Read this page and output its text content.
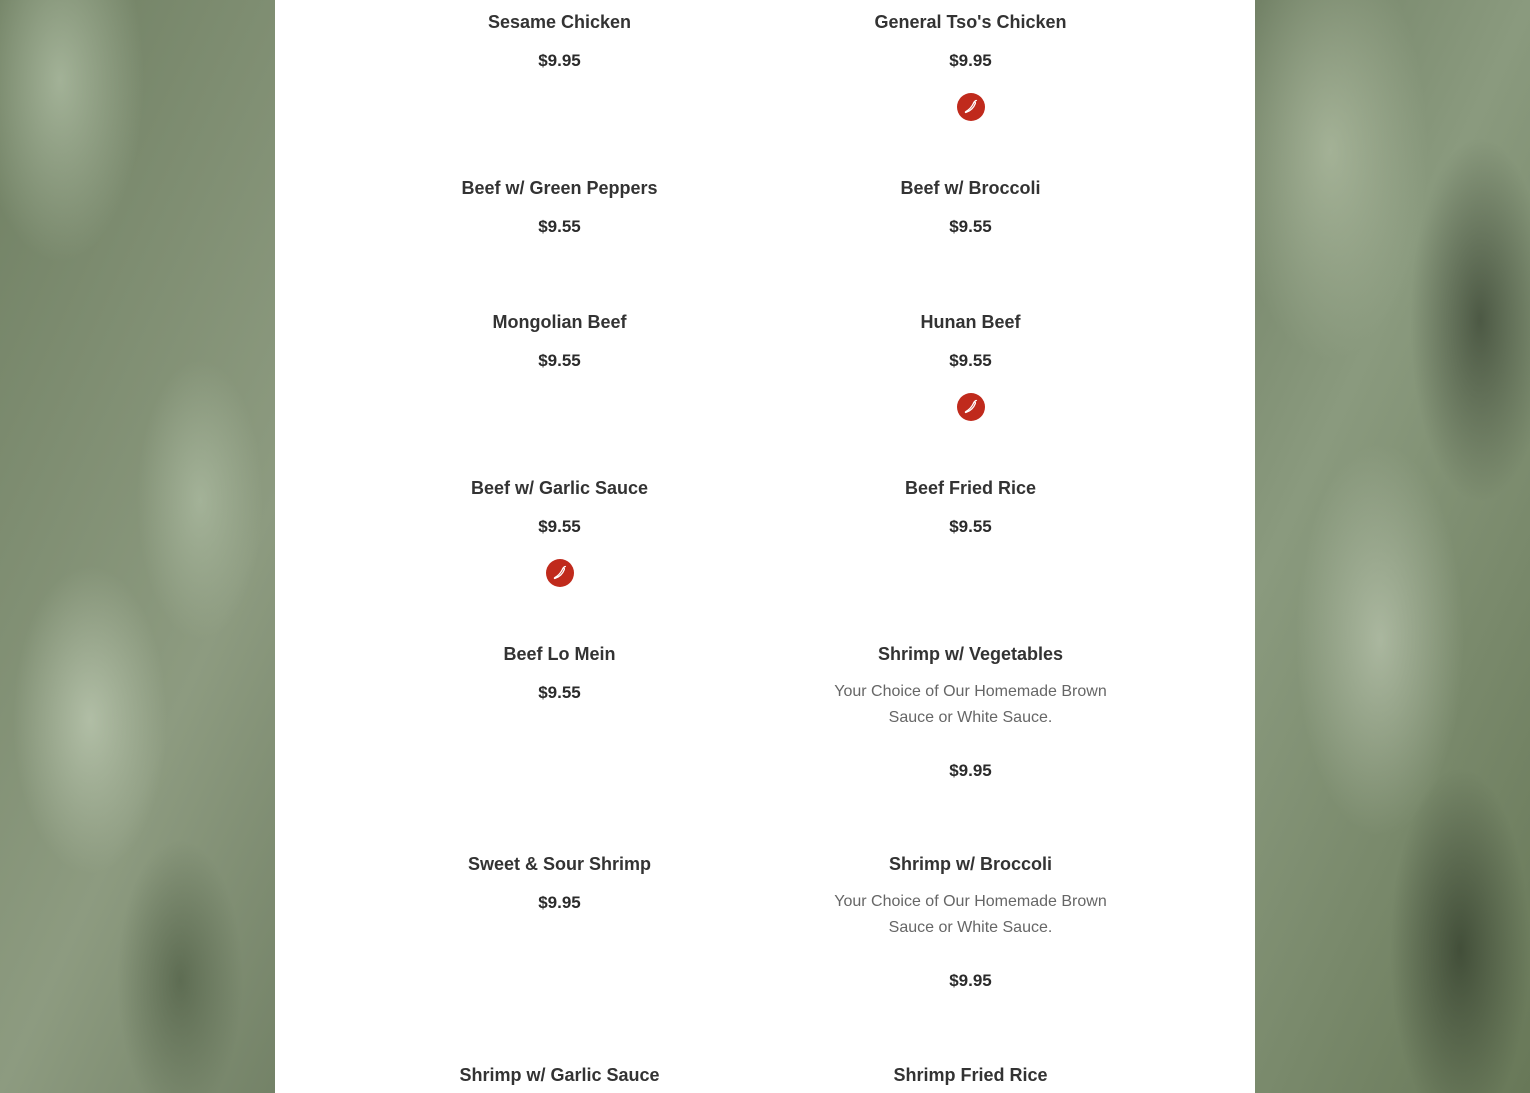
Sesame Chicken
$9.95
General Tso's Chicken
$9.95
Beef w/ Green Peppers
$9.55
Beef w/ Broccoli
$9.55
Mongolian Beef
$9.55
Hunan Beef
$9.55
Beef w/ Garlic Sauce
$9.55
Beef Fried Rice
$9.55
Beef Lo Mein
$9.55
Shrimp w/ Vegetables
Your Choice of Our Homemade Brown Sauce or White Sauce.
$9.95
Sweet & Sour Shrimp
$9.95
Shrimp w/ Broccoli
Your Choice of Our Homemade Brown Sauce or White Sauce.
$9.95
Shrimp w/ Garlic Sauce	Shrimp Fried Rice
